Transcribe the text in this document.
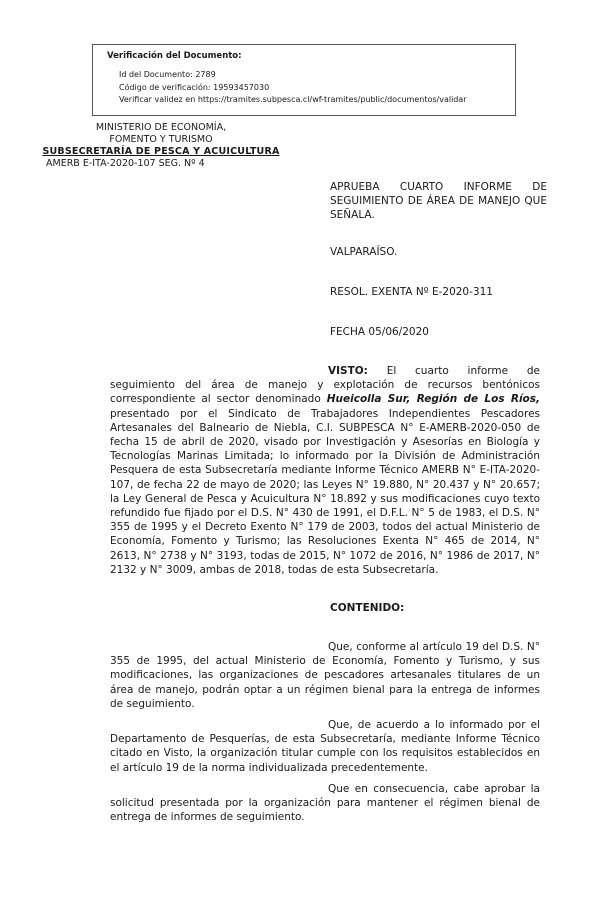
Verificación del Documento:
• Id del Documento: 2789
• Código de verificación: 19593457030
• Verificar validez en https://tramites.subpesca.cl/wf-tramites/public/documentos/validar
MINISTERIO DE ECONOMÍA,
FOMENTO Y TURISMO
SUBSECRETARÍA DE PESCA Y ACUICULTURA
AMERB E-ITA-2020-107 SEG. Nº 4
APRUEBA CUARTO INFORME DE SEGUIMIENTO DE ÁREA DE MANEJO QUE SEÑALA.
VALPARAÍSO.
RESOL. EXENTA Nº E-2020-311
FECHA 05/06/2020
VISTO: El cuarto informe de seguimiento del área de manejo y explotación de recursos bentónicos correspondiente al sector denominado Hueicolla Sur, Región de Los Ríos, presentado por el Sindicato de Trabajadores Independientes Pescadores Artesanales del Balneario de Niebla, C.I. SUBPESCA N° E-AMERB-2020-050 de fecha 15 de abril de 2020, visado por Investigación y Asesorías en Biología y Tecnologías Marinas Limitada; lo informado por la División de Administración Pesquera de esta Subsecretaría mediante Informe Técnico AMERB N° E-ITA-2020-107, de fecha 22 de mayo de 2020; las Leyes N° 19.880, N° 20.437 y N° 20.657; la Ley General de Pesca y Acuicultura N° 18.892 y sus modificaciones cuyo texto refundido fue fijado por el D.S. N° 430 de 1991, el D.F.L. N° 5 de 1983, el D.S. N° 355 de 1995 y el Decreto Exento N° 179 de 2003, todos del actual Ministerio de Economía, Fomento y Turismo; las Resoluciones Exenta N° 465 de 2014, N° 2613, N° 2738 y N° 3193, todas de 2015, N° 1072 de 2016, N° 1986 de 2017, N° 2132 y N° 3009, ambas de 2018, todas de esta Subsecretaría.
CONTENIDO:
Que, conforme al artículo 19 del D.S. N° 355 de 1995, del actual Ministerio de Economía, Fomento y Turismo, y sus modificaciones, las organizaciones de pescadores artesanales titulares de un área de manejo, podrán optar a un régimen bienal para la entrega de informes de seguimiento.
Que, de acuerdo a lo informado por el Departamento de Pesquerías, de esta Subsecretaría, mediante Informe Técnico citado en Visto, la organización titular cumple con los requisitos establecidos en el artículo 19 de la norma individualizada precedentemente.
Que en consecuencia, cabe aprobar la solicitud presentada por la organización para mantener el régimen bienal de entrega de informes de seguimiento.
